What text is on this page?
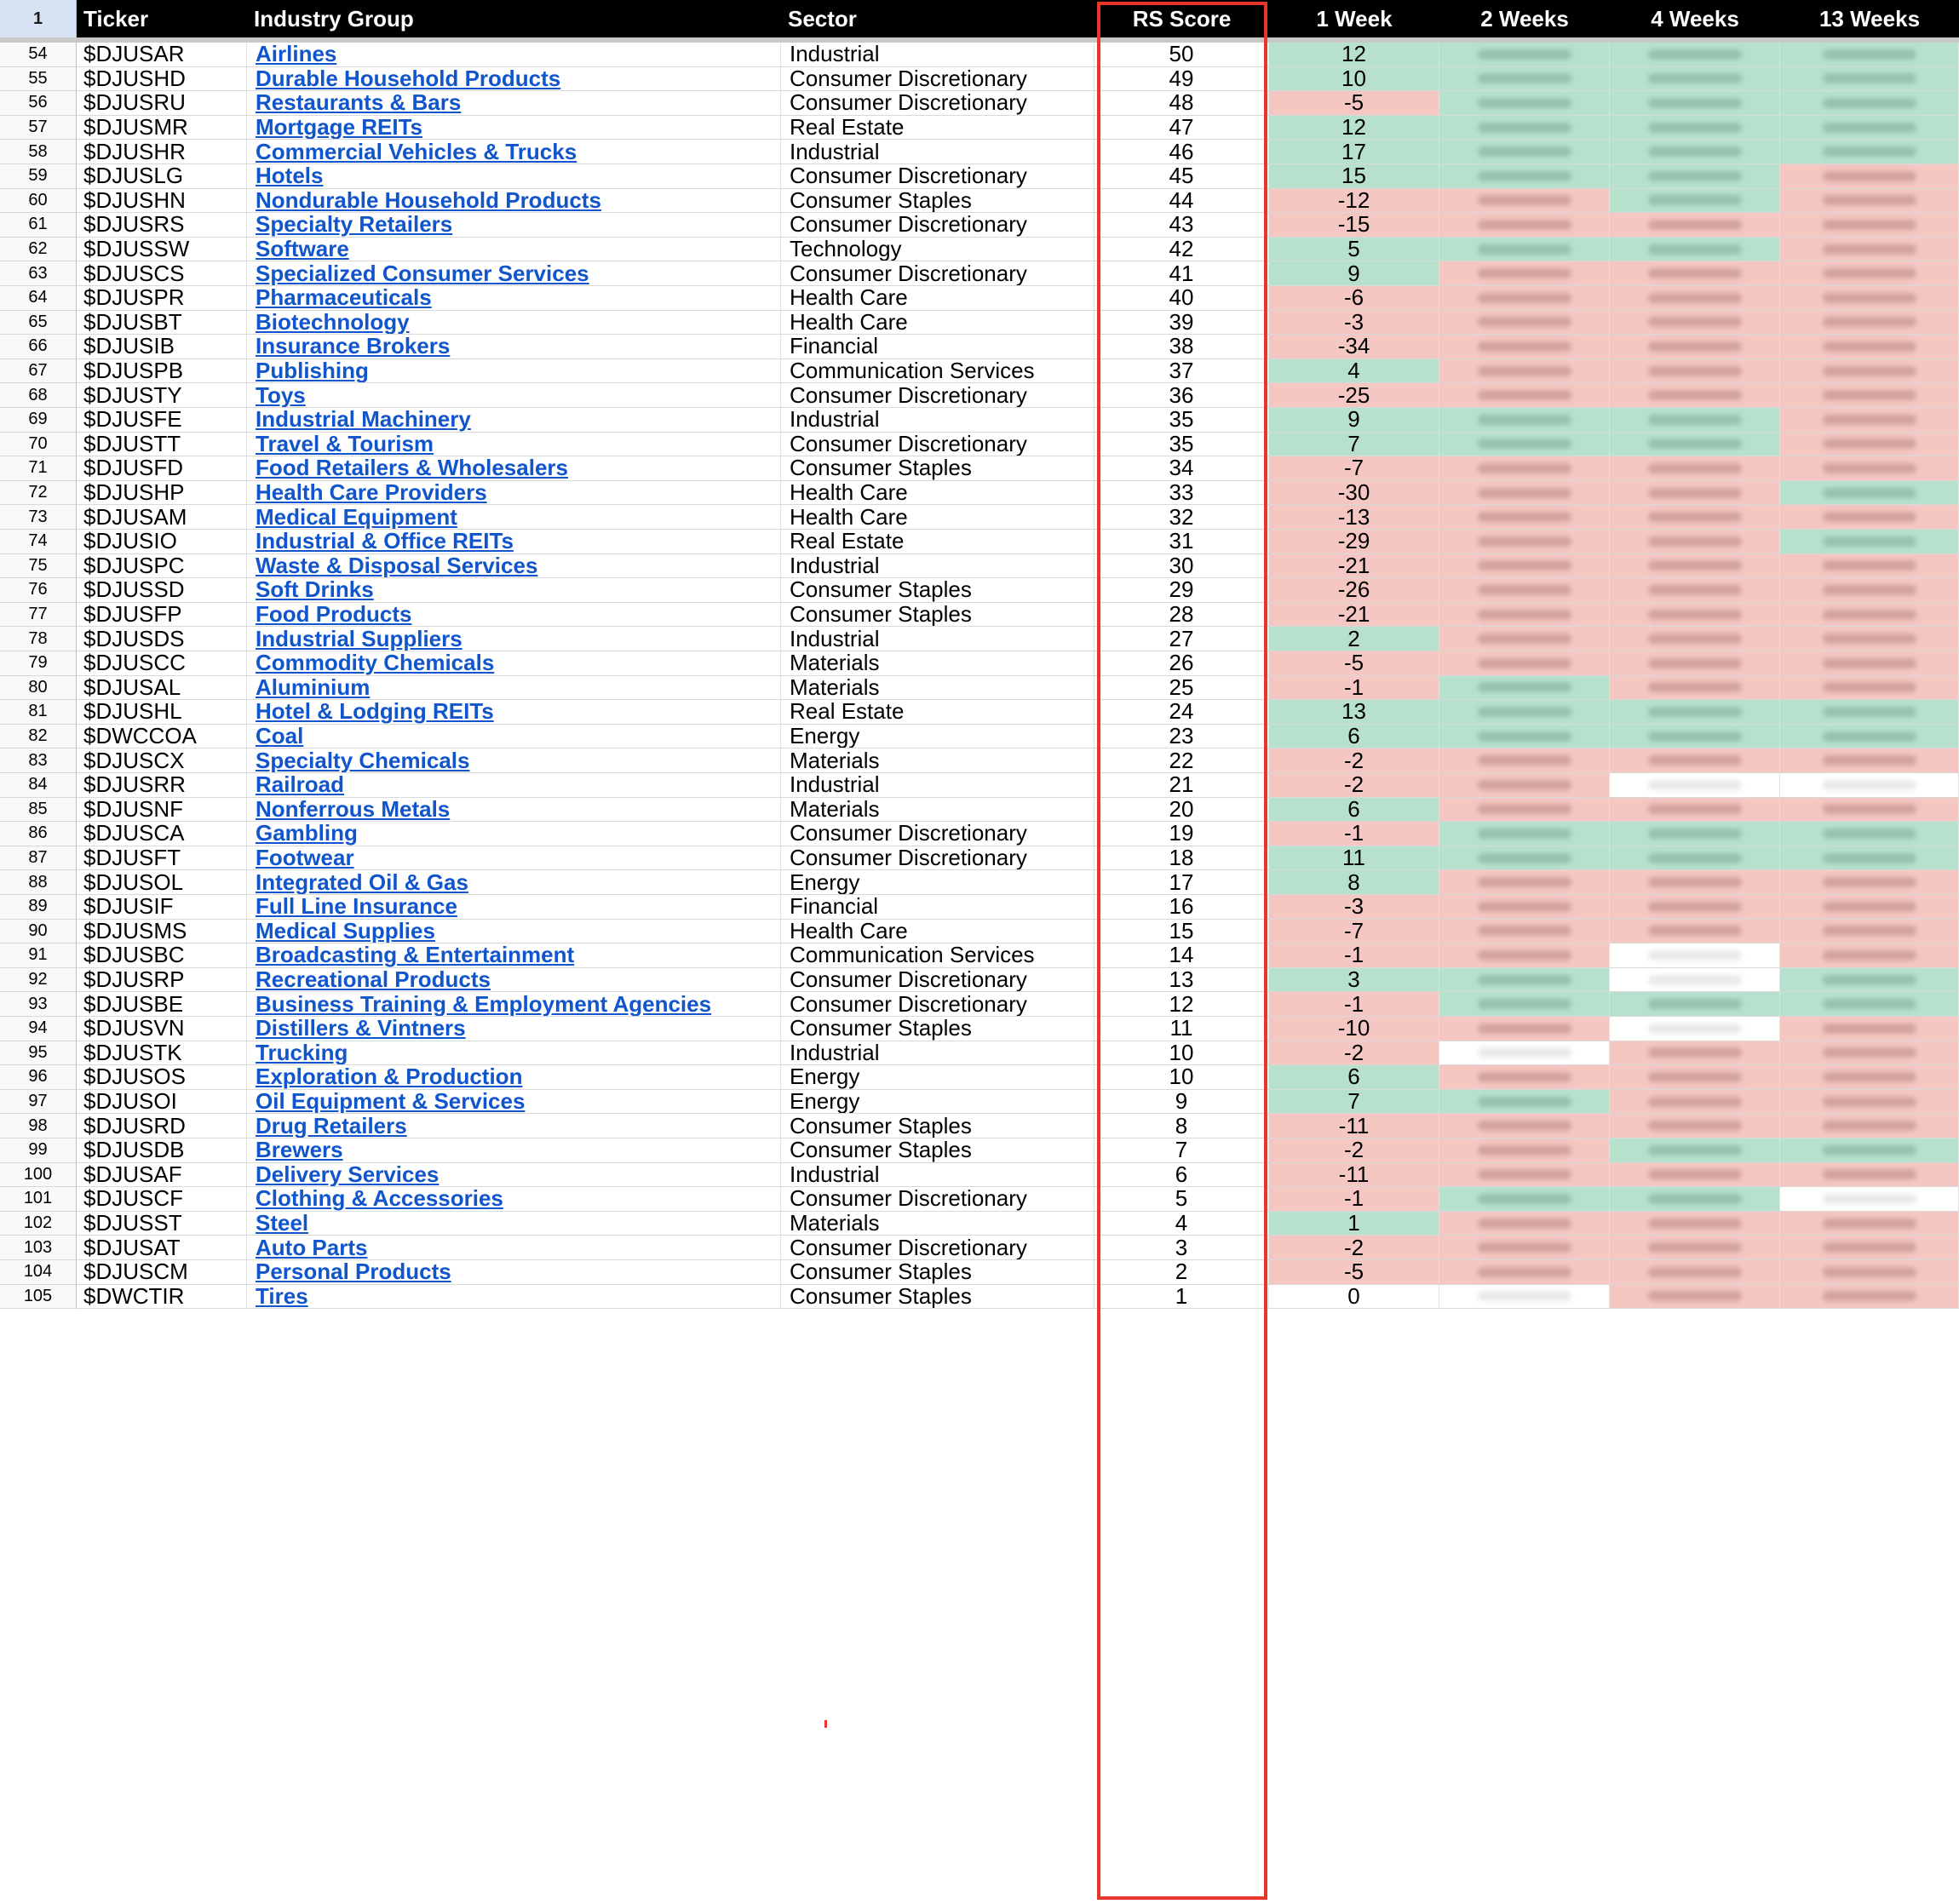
1	Ticker	Industry Group	Sector	RS Score	1 Week	2 Weeks	4 Weeks	13 Weeks
54	$DJUSAR	Airlines	Industrial	50	12
55	$DJUSHD	Durable Household Products	Consumer Discretionary	49	10
56	$DJUSRU	Restaurants & Bars	Consumer Discretionary	48	-5
57	$DJUSMR	Mortgage REITs	Real Estate	47	12
58	$DJUSHR	Commercial Vehicles & Trucks	Industrial	46	17
59	$DJUSLG	Hotels	Consumer Discretionary	45	15
60	$DJUSHN	Nondurable Household Products	Consumer Staples	44	-12
61	$DJUSRS	Specialty Retailers	Consumer Discretionary	43	-15
62	$DJUSSW	Software	Technology	42	5
63	$DJUSCS	Specialized Consumer Services	Consumer Discretionary	41	9
64	$DJUSPR	Pharmaceuticals	Health Care	40	-6
65	$DJUSBT	Biotechnology	Health Care	39	-3
66	$DJUSIB	Insurance Brokers	Financial	38	-34
67	$DJUSPB	Publishing	Communication Services	37	4
68	$DJUSTY	Toys	Consumer Discretionary	36	-25
69	$DJUSFE	Industrial Machinery	Industrial	35	9
70	$DJUSTT	Travel & Tourism	Consumer Discretionary	35	7
71	$DJUSFD	Food Retailers & Wholesalers	Consumer Staples	34	-7
72	$DJUSHP	Health Care Providers	Health Care	33	-30
73	$DJUSAM	Medical Equipment	Health Care	32	-13
74	$DJUSIO	Industrial & Office REITs	Real Estate	31	-29
75	$DJUSPC	Waste & Disposal Services	Industrial	30	-21
76	$DJUSSD	Soft Drinks	Consumer Staples	29	-26
77	$DJUSFP	Food Products	Consumer Staples	28	-21
78	$DJUSDS	Industrial Suppliers	Industrial	27	2
79	$DJUSCC	Commodity Chemicals	Materials	26	-5
80	$DJUSAL	Aluminium	Materials	25	-1
81	$DJUSHL	Hotel & Lodging REITs	Real Estate	24	13
82	$DWCCOA	Coal	Energy	23	6
83	$DJUSCX	Specialty Chemicals	Materials	22	-2
84	$DJUSRR	Railroad	Industrial	21	-2
85	$DJUSNF	Nonferrous Metals	Materials	20	6
86	$DJUSCA	Gambling	Consumer Discretionary	19	-1
87	$DJUSFT	Footwear	Consumer Discretionary	18	11
88	$DJUSOL	Integrated Oil & Gas	Energy	17	8
89	$DJUSIF	Full Line Insurance	Financial	16	-3
90	$DJUSMS	Medical Supplies	Health Care	15	-7
91	$DJUSBC	Broadcasting & Entertainment	Communication Services	14	-1
92	$DJUSRP	Recreational Products	Consumer Discretionary	13	3
93	$DJUSBE	Business Training & Employment Agencies	Consumer Discretionary	12	-1
94	$DJUSVN	Distillers & Vintners	Consumer Staples	11	-10
95	$DJUSTK	Trucking	Industrial	10	-2
96	$DJUSOS	Exploration & Production	Energy	10	6
97	$DJUSOI	Oil Equipment & Services	Energy	9	7
98	$DJUSRD	Drug Retailers	Consumer Staples	8	-11
99	$DJUSDB	Brewers	Consumer Staples	7	-2
100	$DJUSAF	Delivery Services	Industrial	6	-11
101	$DJUSCF	Clothing & Accessories	Consumer Discretionary	5	-1
102	$DJUSST	Steel	Materials	4	1
103	$DJUSAT	Auto Parts	Consumer Discretionary	3	-2
104	$DJUSCM	Personal Products	Consumer Staples	2	-5
105	$DWCTIR	Tires	Consumer Staples	1	0
